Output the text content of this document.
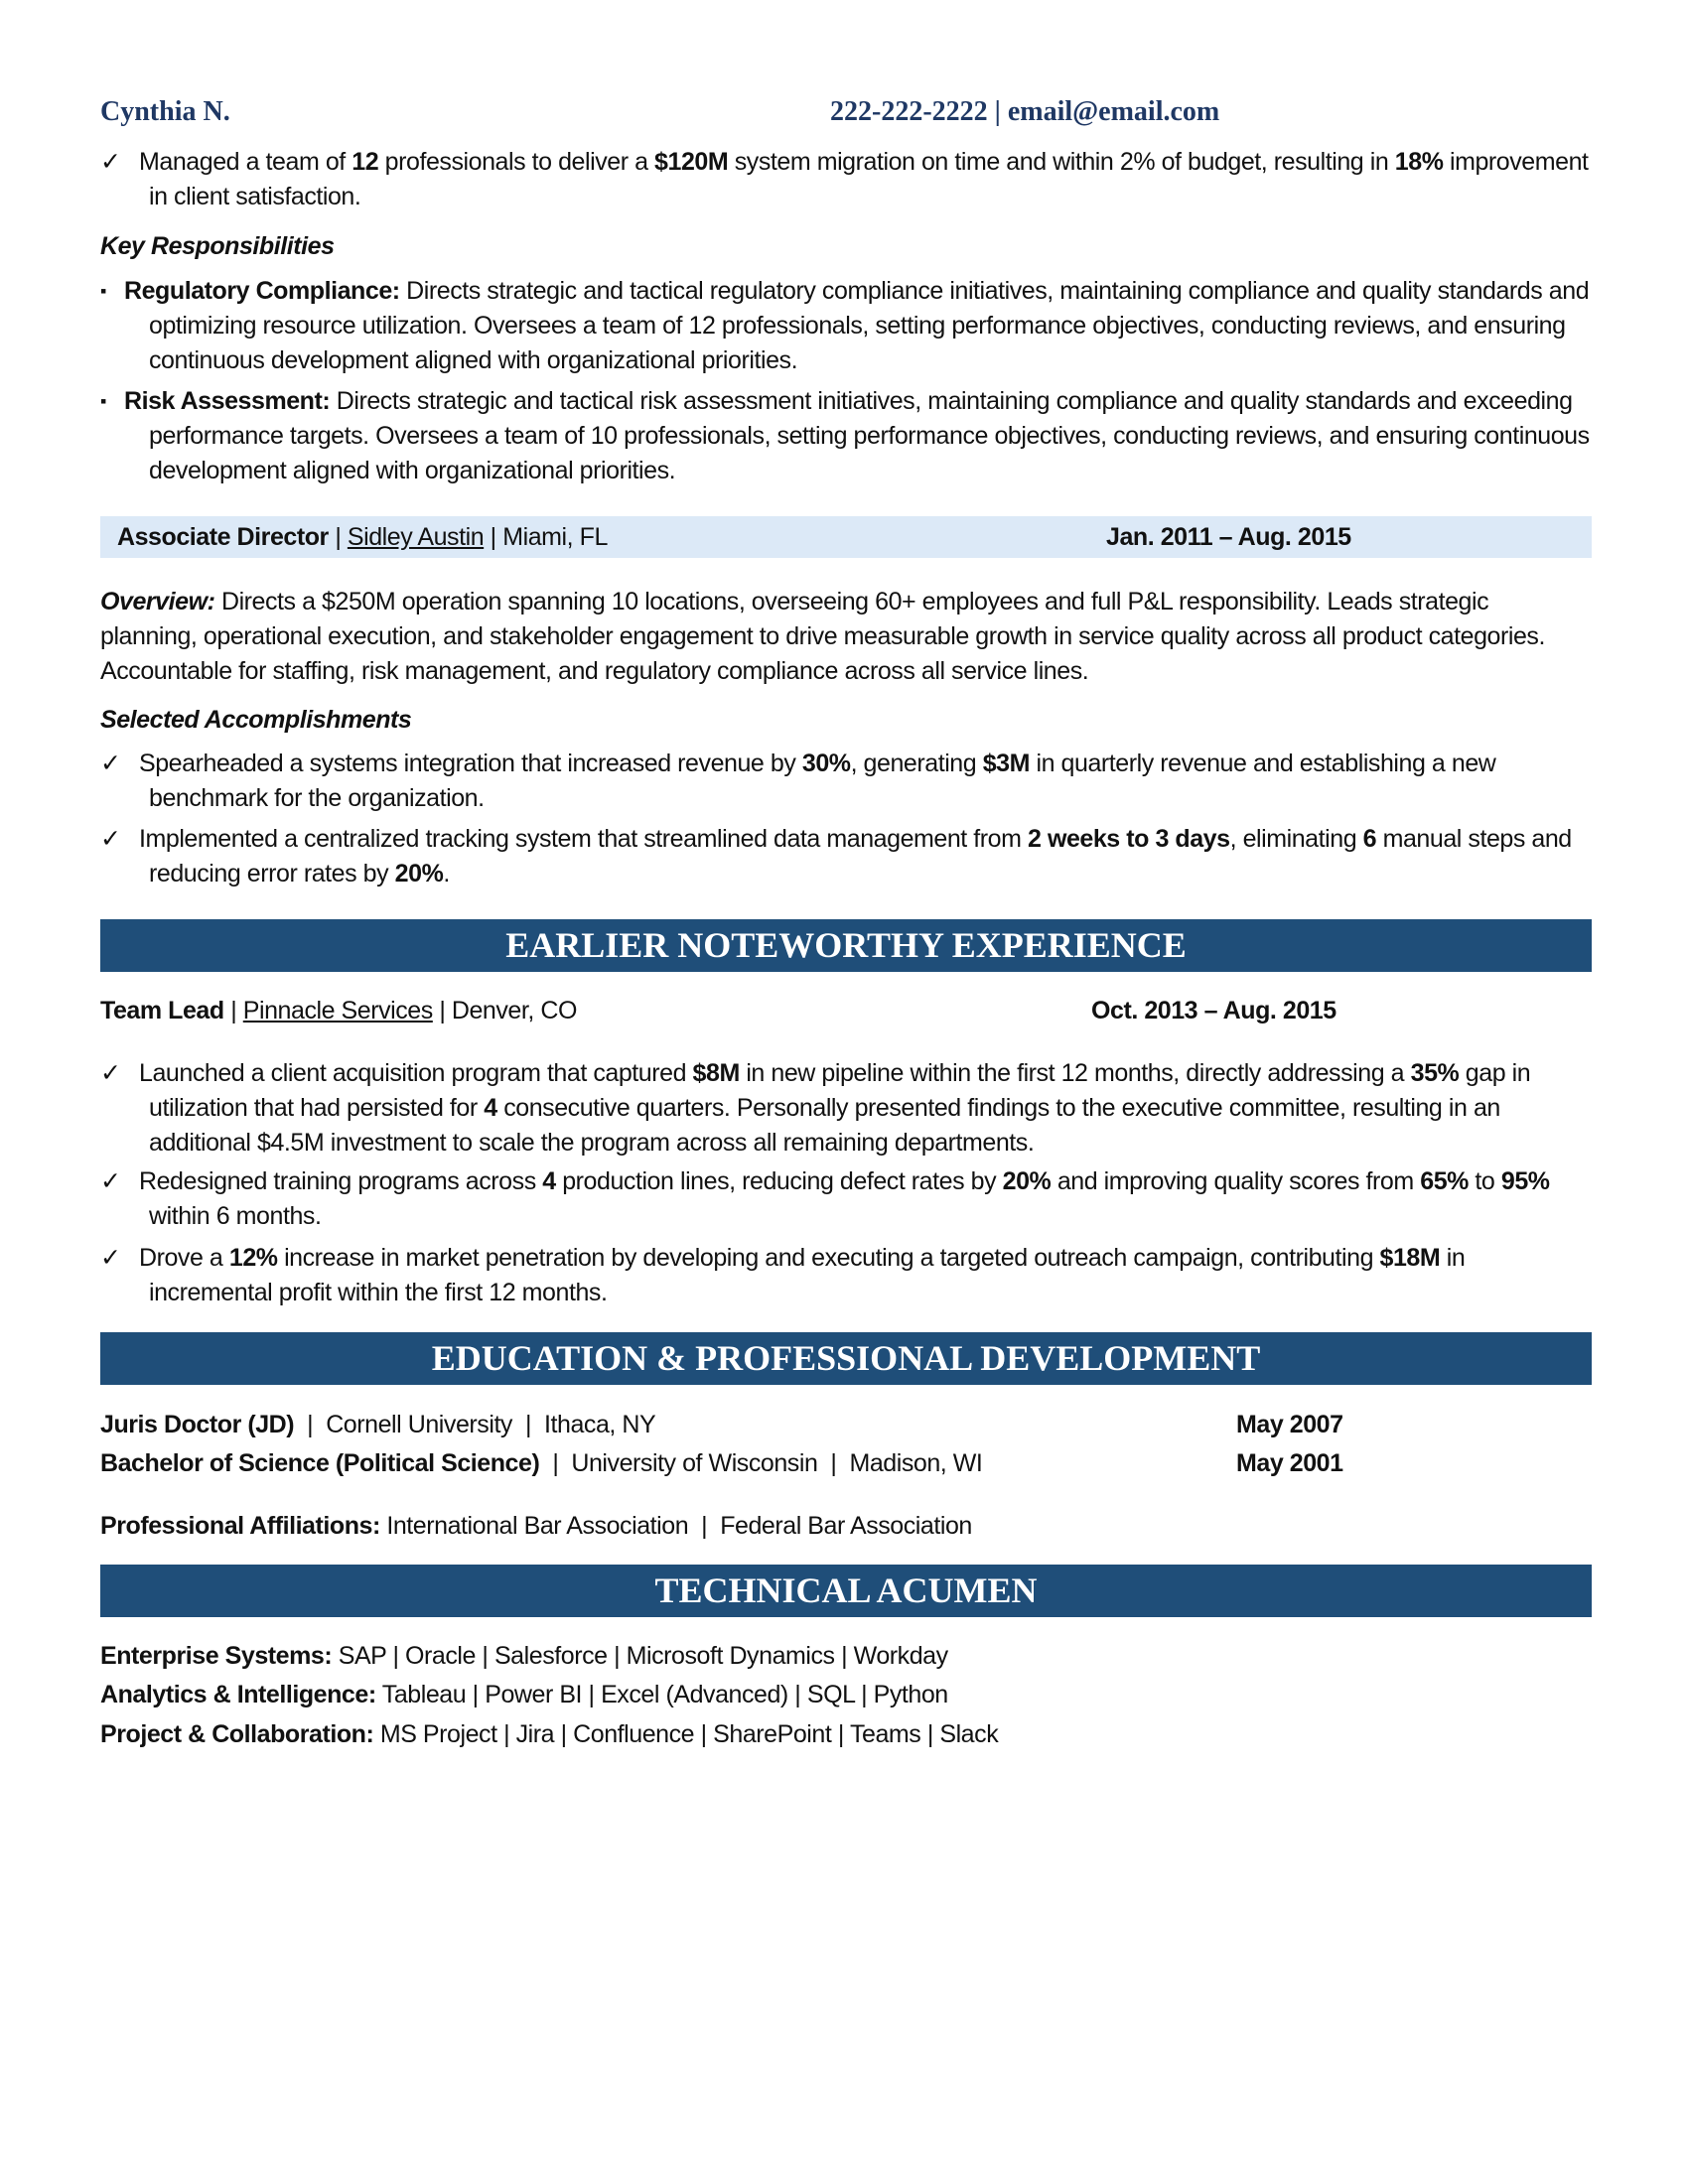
Cynthia N.	222-222-2222 | email@email.com

✓ Managed a team of 12 professionals to deliver a $120M system migration on time and within 2% of budget, resulting in 18% improvement in client satisfaction.

Key Responsibilities

▪ Regulatory Compliance: Directs strategic and tactical regulatory compliance initiatives, maintaining compliance and quality standards and optimizing resource utilization. Oversees a team of 12 professionals, setting performance objectives, conducting reviews, and ensuring continuous development aligned with organizational priorities.

▪ Risk Assessment: Directs strategic and tactical risk assessment initiatives, maintaining compliance and quality standards and exceeding performance targets. Oversees a team of 10 professionals, setting performance objectives, conducting reviews, and ensuring continuous development aligned with organizational priorities.

Associate Director | Sidley Austin | Miami, FL	Jan. 2011 – Aug. 2015
Overview: Directs a $250M operation spanning 10 locations, overseeing 60+ employees and full P&L responsibility. Leads strategic planning, operational execution, and stakeholder engagement to drive measurable growth in service quality across all product categories. Accountable for staffing, risk management, and regulatory compliance across all service lines.
Selected Accomplishments

✓ Spearheaded a systems integration that increased revenue by 30%, generating $3M in quarterly revenue and establishing a new benchmark for the organization.

✓ Implemented a centralized tracking system that streamlined data management from 2 weeks to 3 days, eliminating 6 manual steps and reducing error rates by 20%.

EARLIER NOTEWORTHY EXPERIENCE
Team Lead | Pinnacle Services | Denver, CO	Oct. 2013 – Aug. 2015

✓ Launched a client acquisition program that captured $8M in new pipeline within the first 12 months, directly addressing a 35% gap in utilization that had persisted for 4 consecutive quarters. Personally presented findings to the executive committee, resulting in an additional $4.5M investment to scale the program across all remaining departments.

✓ Redesigned training programs across 4 production lines, reducing defect rates by 20% and improving quality scores from 65% to 95% within 6 months.

✓ Drove a 12% increase in market penetration by developing and executing a targeted outreach campaign, contributing $18M in incremental profit within the first 12 months.

EDUCATION & PROFESSIONAL DEVELOPMENT
Juris Doctor (JD)  |  Cornell University  |  Ithaca, NY	May 2007
Bachelor of Science (Political Science)  |  University of Wisconsin  |  Madison, WI	May 2001
Professional Affiliations: International Bar Association  |  Federal Bar Association
TECHNICAL ACUMEN
Enterprise Systems: SAP | Oracle | Salesforce | Microsoft Dynamics | Workday
Analytics & Intelligence: Tableau | Power BI | Excel (Advanced) | SQL | Python
Project & Collaboration: MS Project | Jira | Confluence | SharePoint | Teams | Slack
